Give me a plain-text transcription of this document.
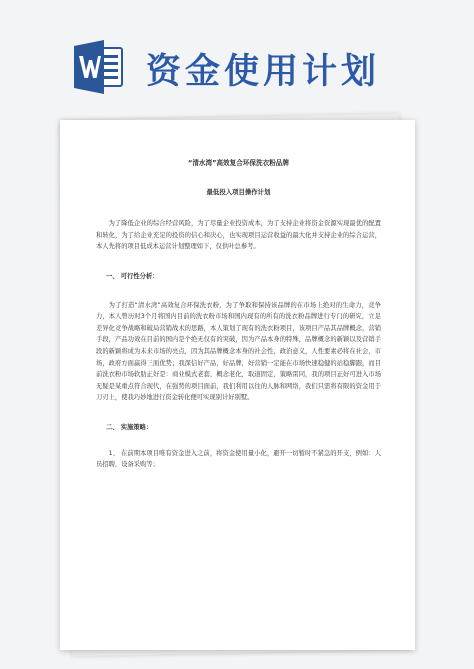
资金使用计划

“清水湾”高效复合环保洗衣粉品牌

最低投入项目操作计划

为了降低企业的综合经营风险，为了尽量企业投资成本，为了支持企业将资金资源实现最优的配置和转化，为了给企业充足的投资的信心和决心，也实现项目运营收益的最大化并支持企业的综合运营，本人先将的项目低成本运营计划整理如下，仅供叶总参考。

一、 可行性分析：

为了打造“清水湾”高效复合环保洗衣粉，为了争取和保持该品牌的在市场上绝对的生命力，竞争力，本人曾历时3个月将国内目前的洗衣粉市场和国内现有的所有的洗衣粉品牌进行专门的研究，立足差异化竞争战略和破局营销战术的思路，本人策划了现有的洗衣粉项目，该项目产品其品牌概念，营销手段，产品功效在目前的国内是个绝无仅有的突破，因为产品本身的特殊，品牌概念的新颖以及营销手段的新颖将成为未来市场的亮点，因为其品牌概念本身的社会性，政治意义，人性要素必将在社会，市场，政府方面赢得三面优势；我深信好产品，好品牌，好营销一定能在市场快速稳健的站稳脚跟，而目前洗衣粉市场软肋正好是：商业模式老套，概念老化，取道固定，策略雷同，我的项目正好可进入市场无疑是某重点符合现代，在强势的项目面前，我们利用以往的人脉和网络，我们只需将有限的资金用于刀刃上，使我巧妙地进行资金转化便可实现别计好别墅。

二、 实施策略：

1、 在前期本项目唯有资金进入之前，将资金使用量小化，避开一切暂时不紧急的开支，例如：人员招聘，设备采购等；
